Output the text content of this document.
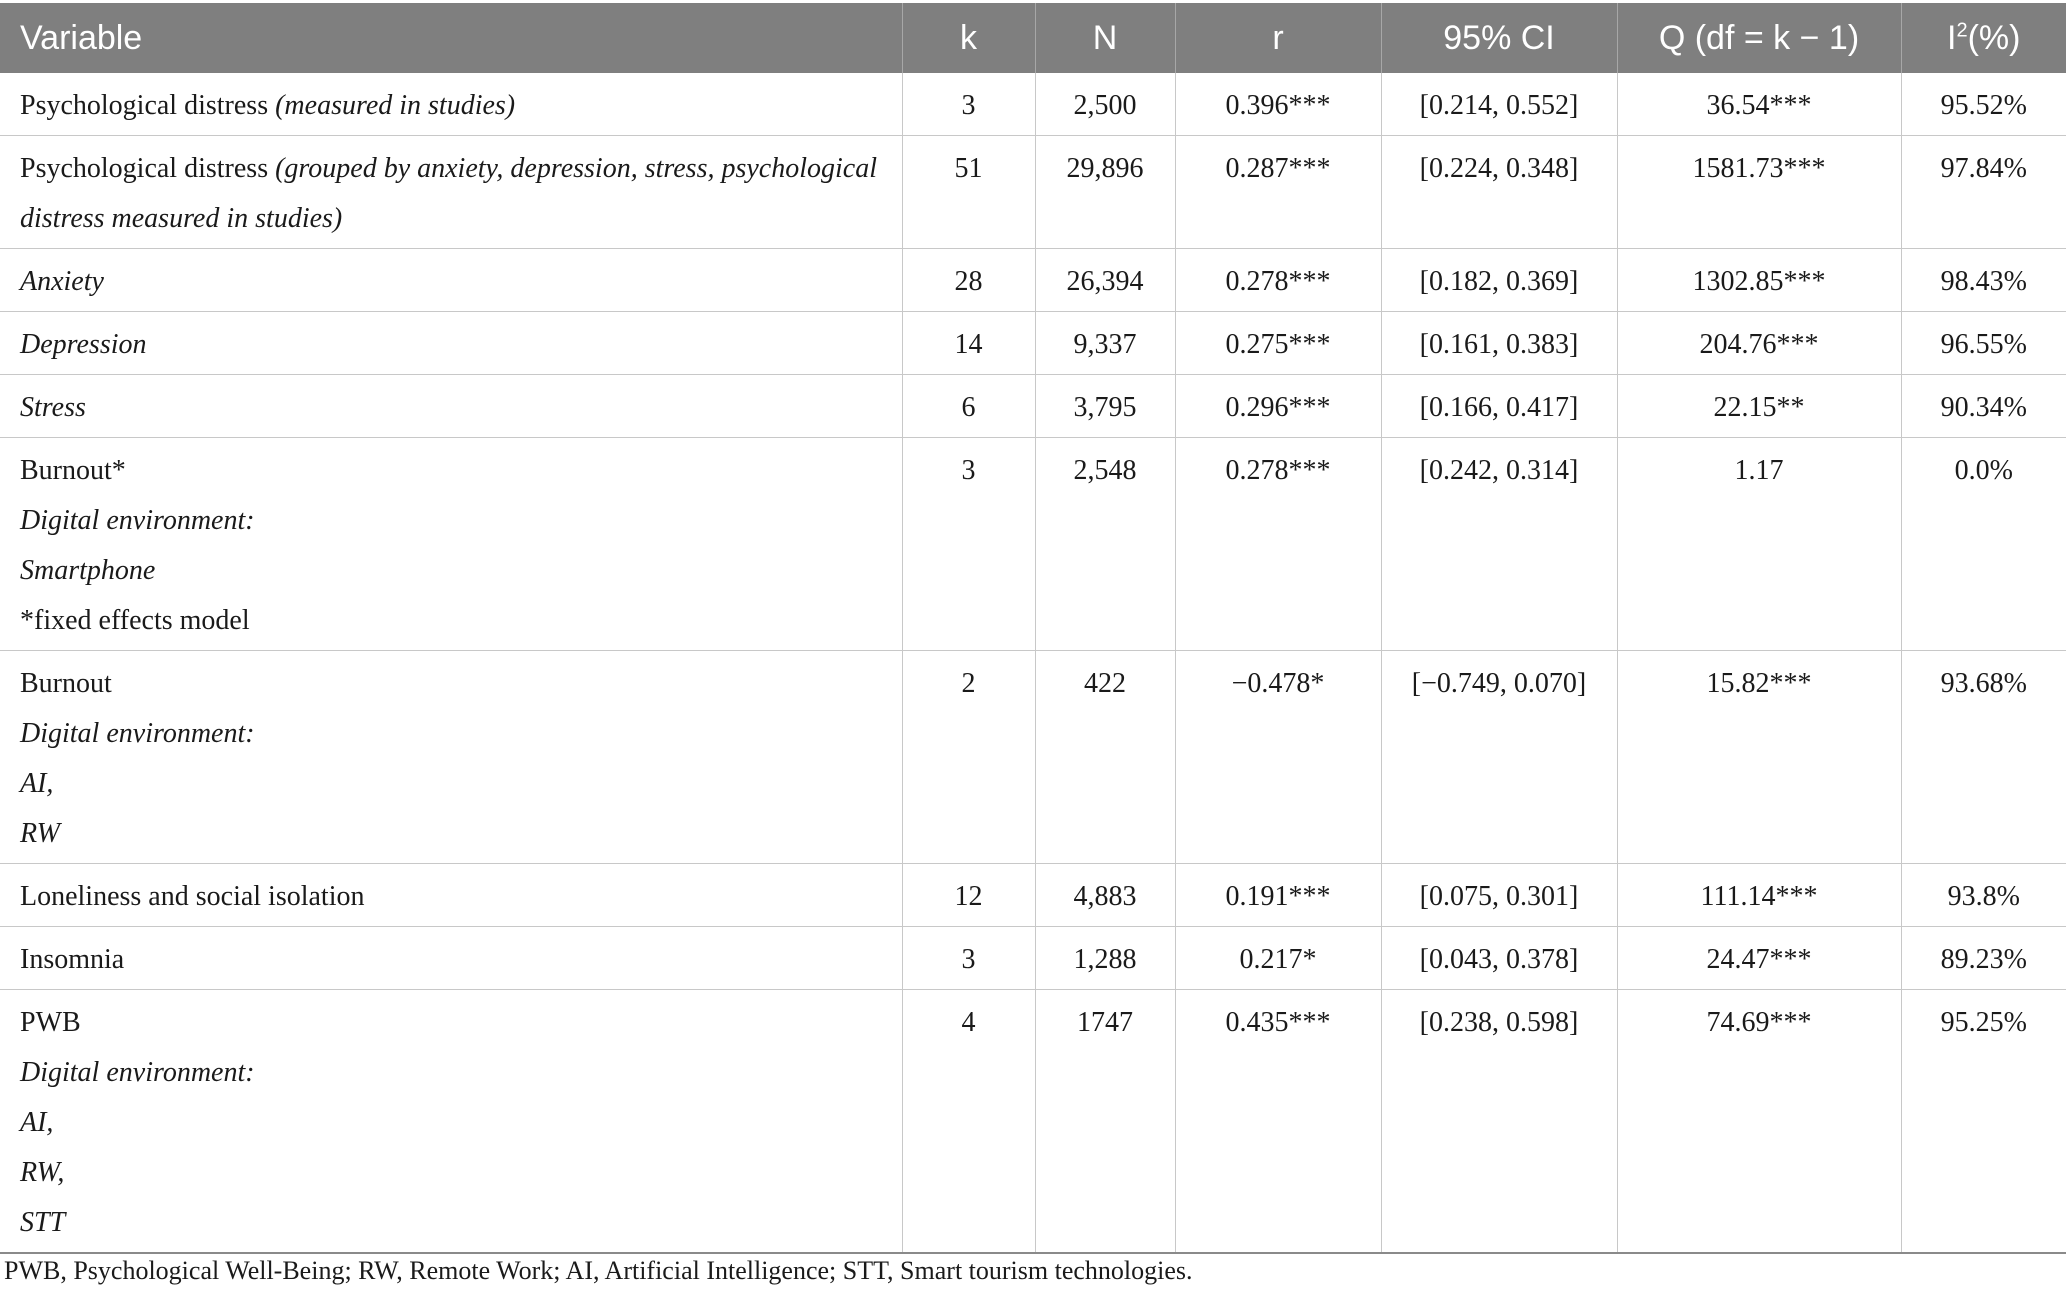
Variable	k	N	r	95% CI	Q (df = k − 1)	$I^2(\%)$
Psychological distress (measured in studies)	3	2,500	0.396***	[0.214, 0.552]	36.54***	95.52%
Psychological distress (grouped by anxiety, depression, stress, psychological
distress measured in studies)	51	29,896	0.287***	[0.224, 0.348]	1581.73***	97.84%
Anxiety	28	26,394	0.278***	[0.182, 0.369]	1302.85***	98.43%
Depression	14	9,337	0.275***	[0.161, 0.383]	204.76***	96.55%
Stress	6	3,795	0.296***	[0.166, 0.417]	22.15**	90.34%

Burnout*
Digital environment:
Smartphone
*fixed effects model	3	2,548	0.278***	[0.242, 0.314]	1.17	0.0%

Burnout
Digital environment:
AI,
RW	2	422	−0.478*	[−0.749, 0.070]	15.82***	93.68%
Loneliness and social isolation	12	4,883	0.191***	[0.075, 0.301]	111.14***	93.8%
Insomnia	3	1,288	0.217*	[0.043, 0.378]	24.47***	89.23%

PWB
Digital environment:
AI,
RW,
STT	4	1747	0.435***	[0.238, 0.598]	74.69***	95.25%
PWB, Psychological Well-Being; RW, Remote Work; AI, Artificial Intelligence; STT, Smart tourism technologies.
